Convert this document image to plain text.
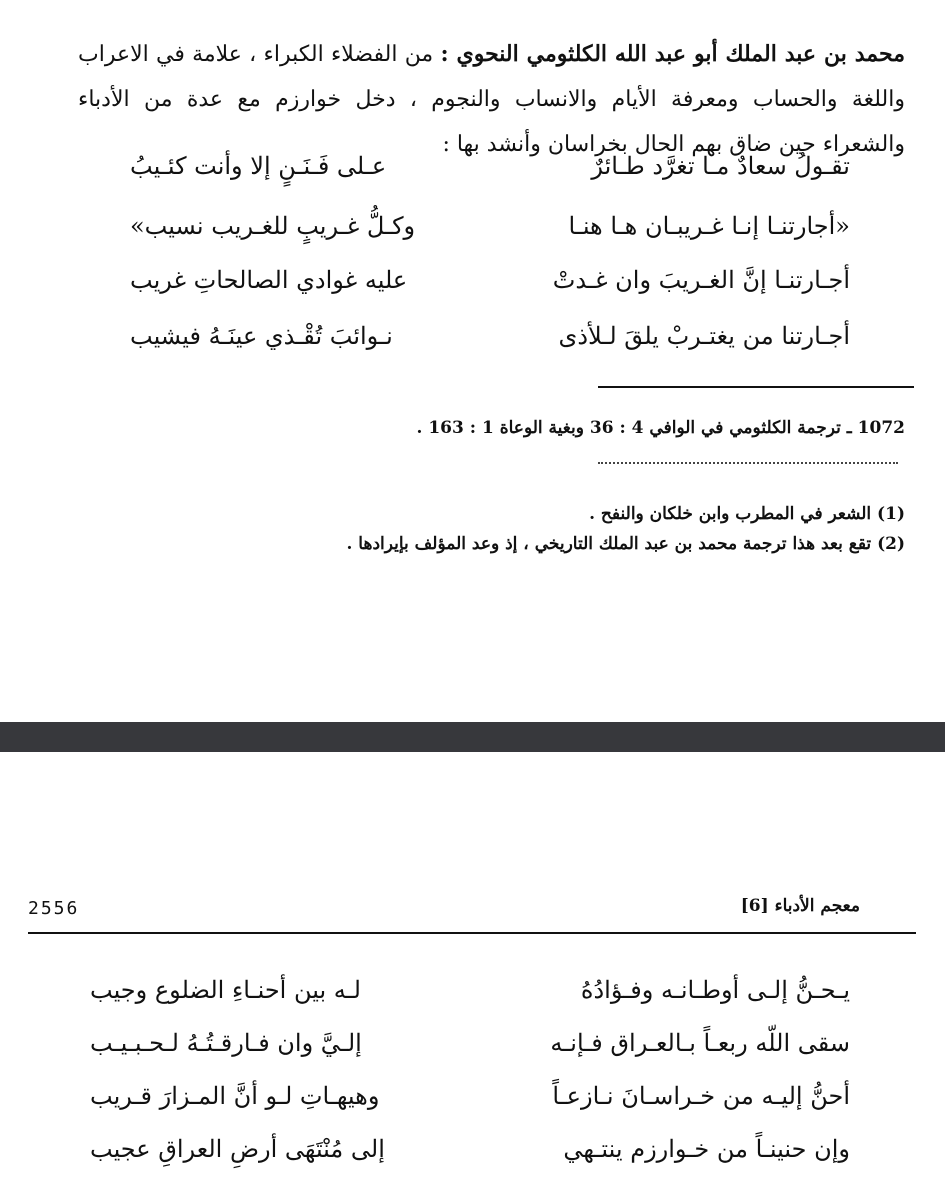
محمد بن عبد الملك أبو عبد الله الكلثومي النحوي : من الفضلاء الكبراء ، علامة في الاعراب واللغة والحساب ومعرفة الأيام والانساب والنجوم ، دخل خوارزم مع عدة من الأدباء والشعراء حين ضاق بهم الحال بخراسان وأنشد بها :

تقـولُ سعادٌ مـا تغرَّد طـائرٌ
عـلى فَـنَـنٍ إلا وأنت كئـيبُ
«أجارتنـا إنـا غـريبـان هـا هنـا
وكـلُّ غـريبٍ للغـريب نسيب»
أجـارتنـا إنَّ الغـريبَ وان غـدتْ
عليه غوادي الصالحاتِ غريب
أجـارتنا من يغتـربْ يلقَ لـلأذى
نـوائبَ تُقْـذي عينَـهُ فيشيب
1072 ـ ترجمة الكلثومي في الوافي 4 : 36 وبغية الوعاة 1 : 163 .
(1) الشعر في المطرب وابن خلكان والنفح .
(2) تقع بعد هذا ترجمة محمد بن عبد الملك التاريخي ، إذ وعد المؤلف بإيرادها .
معجم الأدباء [6]
2556
يـحـنُّ إلـى أوطـانـه وفـؤادُهُ
لـه بين أحنـاءِ الضلوع وجيب
سقى اللّه ربعـاً بـالعـراق فـإنـه
إلـيَّ وان فـارقـتُـهُ لـحـبـيـب
أحنُّ إليـه من خـراسـانَ نـازعـاً
وهيهـاتِ لـو أنَّ المـزارَ قـريب
وإن حنينـاً من خـوارزم ينتـهي
إلى مُنْتَهَى أرضِ العراقِ عجيب
